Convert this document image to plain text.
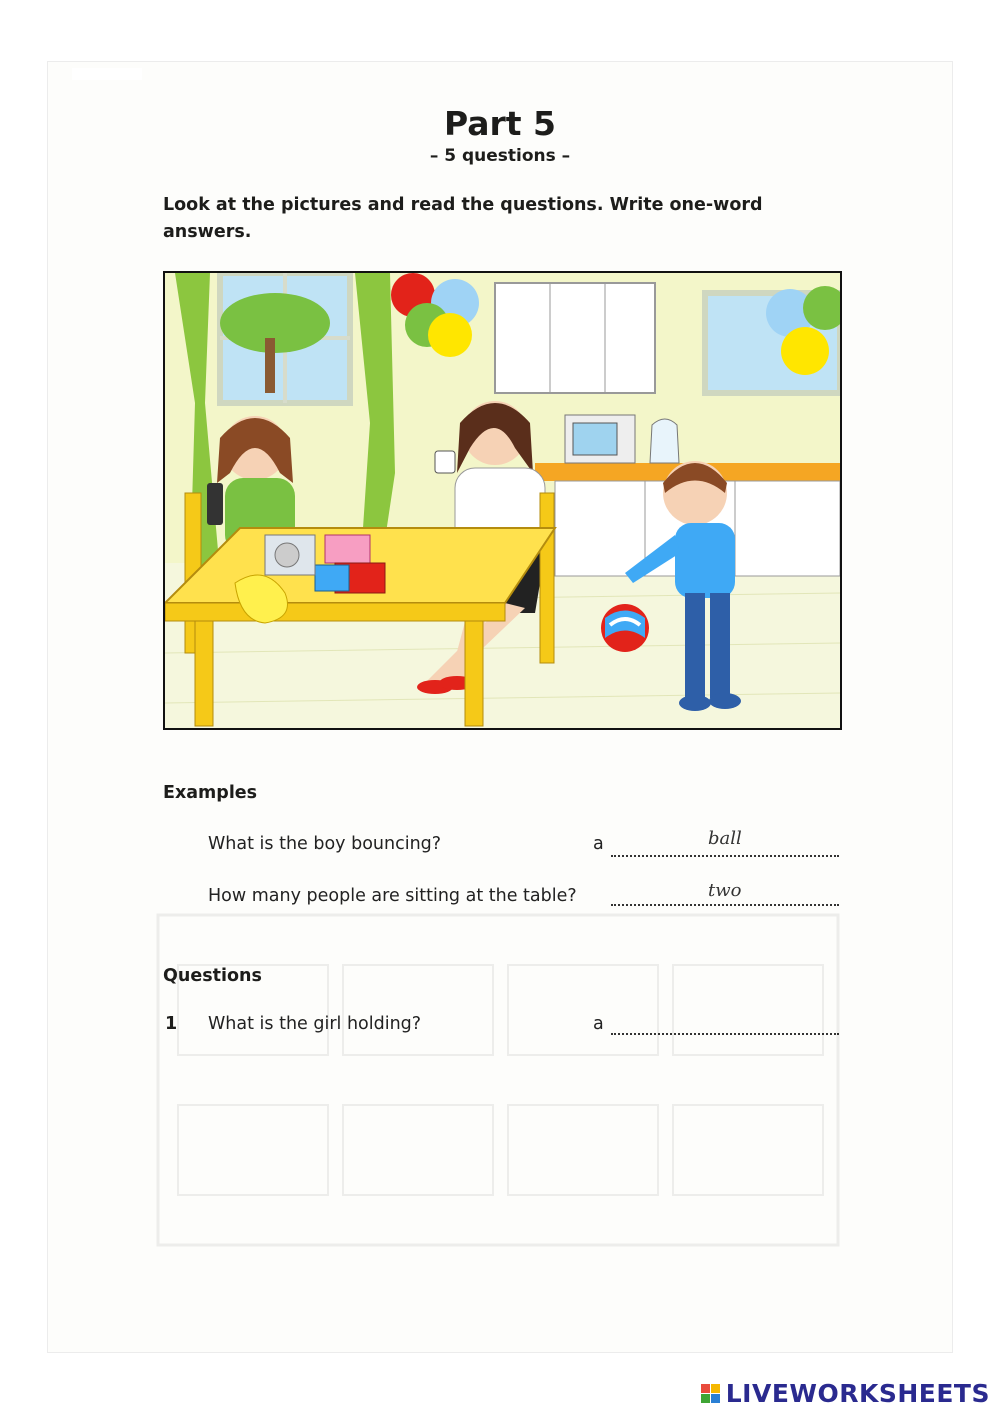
Part 5
– 5 questions –
Look at the pictures and read the questions. Write one-word answers.
Examples
What is the boy bouncing?	a	ball
How many people are sitting at the table?	two
Questions
1 What is the girl holding?	a
LIVEWORKSHEETS
